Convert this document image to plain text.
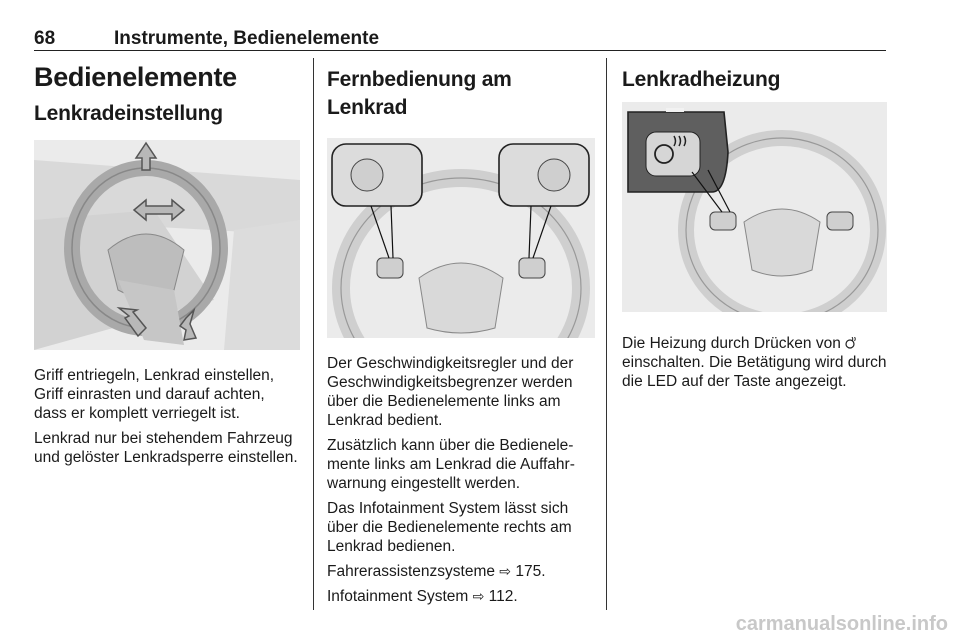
68	Instrumente, Bedienelemente
Bedienelemente
Lenkradeinstellung

Griff entriegeln, Lenkrad einstellen, Griff einrasten und darauf achten, dass er komplett verriegelt ist.

Lenkrad nur bei stehendem Fahrzeug und gelöster Lenkradsperre einstellen.

Fernbedienung am Lenkrad

Der Geschwindigkeitsregler und der Geschwindigkeitsbegrenzer werden über die Bedienelemente links am Lenkrad bedient.

Zusätzlich kann über die Bedienelemente links am Lenkrad die Auffahrwarnung eingestellt werden.

Das Infotainment System lässt sich über die Bedienelemente rechts am Lenkrad bedienen.

Fahrerassistenzsysteme ⇨ 175.

Infotainment System ⇨ 112.

Lenkradheizung

Die Heizung durch Drücken von  einschalten. Die Betätigung wird durch die LED auf der Taste angezeigt.

carmanualsonline.info
